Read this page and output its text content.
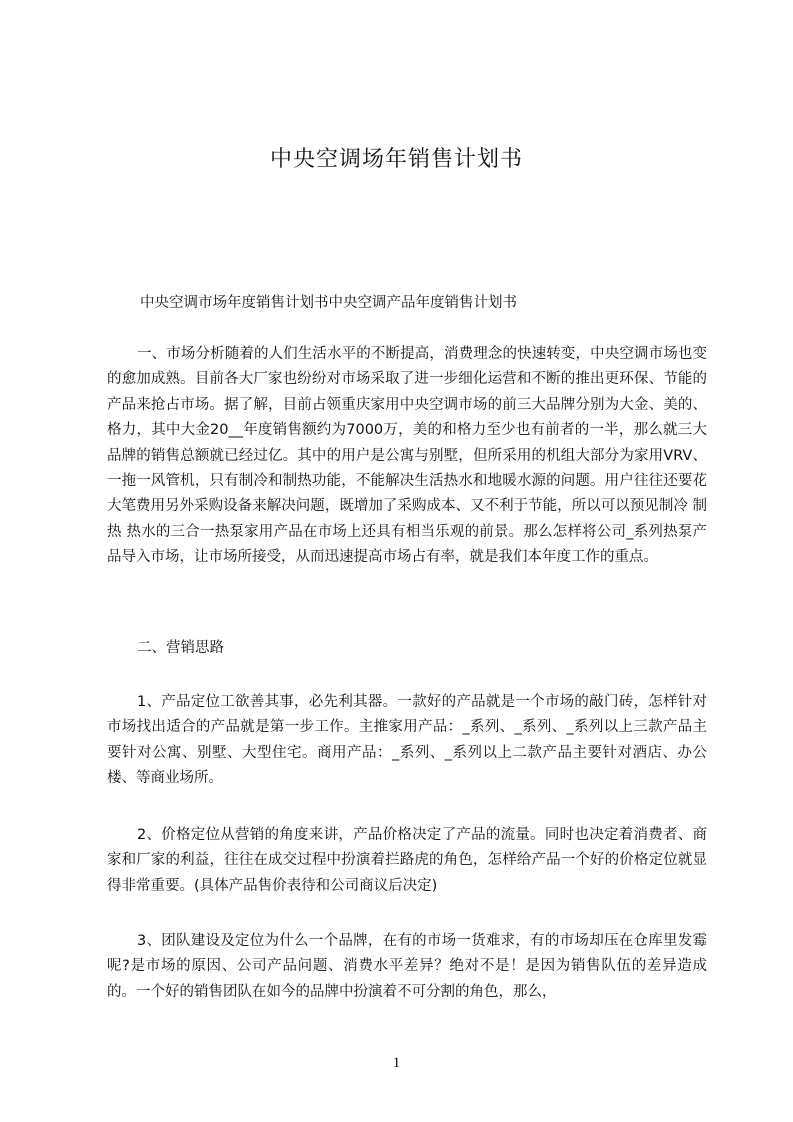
中央空调场年销售计划书

中央空调市场年度销售计划书中央空调产品年度销售计划书

一、市场分析随着的人们生活水平的不断提高，消费理念的快速转变，中央空调市场也变的愈加成熟。目前各大厂家也纷纷对市场采取了进一步细化运营和不断的推出更环保、节能的产品来抢占市场。据了解，目前占领重庆家用中央空调市场的前三大品牌分别为大金、美的、格力，其中大金20__年度销售额约为7000万，美的和格力至少也有前者的一半，那么就三大品牌的销售总额就已经过亿。其中的用户是公寓与别墅，但所采用的机组大部分为家用VRV、一拖一风管机，只有制冷和制热功能，不能解决生活热水和地暖水源的问题。用户往往还要花大笔费用另外采购设备来解决问题，既增加了采购成本、又不利于节能，所以可以预见制冷 制热 热水的三合一热泵家用产品在市场上还具有相当乐观的前景。那么怎样将公司_系列热泵产品导入市场，让市场所接受，从而迅速提高市场占有率，就是我们本年度工作的重点。

二、营销思路

1、产品定位工欲善其事，必先利其器。一款好的产品就是一个市场的敲门砖，怎样针对市场找出适合的产品就是第一步工作。主推家用产品：_系列、_系列、_系列以上三款产品主要针对公寓、别墅、大型住宅。商用产品：_系列、_系列以上二款产品主要针对酒店、办公楼、等商业场所。

2、价格定位从营销的角度来讲，产品价格决定了产品的流量。同时也决定着消费者、商家和厂家的利益，往往在成交过程中扮演着拦路虎的角色，怎样给产品一个好的价格定位就显得非常重要。(具体产品售价表待和公司商议后决定)

3、团队建设及定位为什么一个品牌，在有的市场一货难求，有的市场却压在仓库里发霉呢?是市场的原因、公司产品问题、消费水平差异？绝对不是！是因为销售队伍的差异造成的。一个好的销售团队在如今的品牌中扮演着不可分割的角色，那么，

1
